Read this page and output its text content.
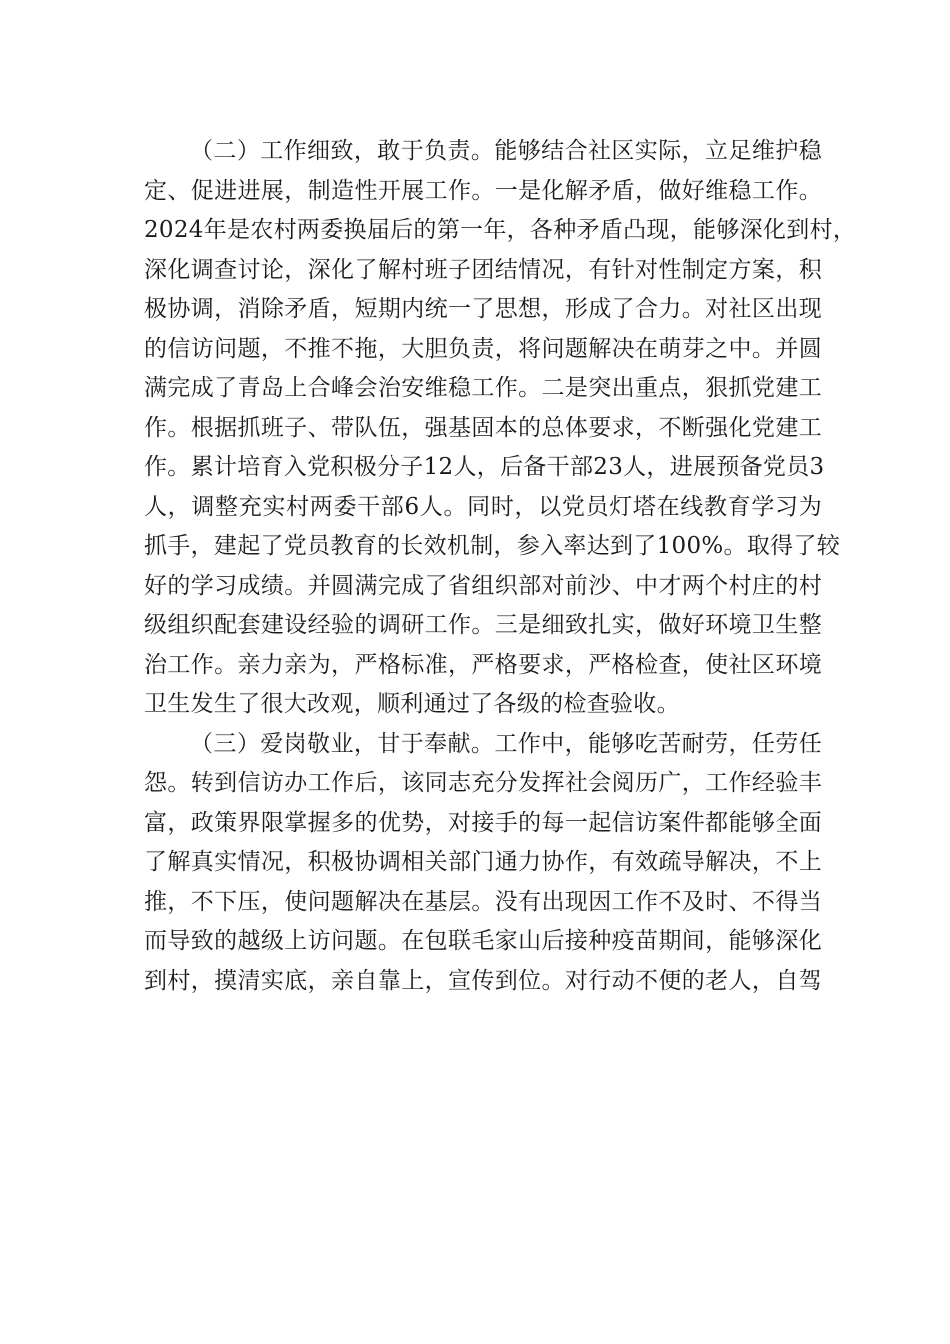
（二）工作细致，敢于负责。能够结合社区实际，立足维护稳
定、促进进展，制造性开展工作。一是化解矛盾，做好维稳工作。
2024年是农村两委换届后的第一年，各种矛盾凸现，能够深化到村，
深化调查讨论，深化了解村班子团结情况，有针对性制定方案，积
极协调，消除矛盾，短期内统一了思想，形成了合力。对社区出现
的信访问题，不推不拖，大胆负责，将问题解决在萌芽之中。并圆
满完成了青岛上合峰会治安维稳工作。二是突出重点，狠抓党建工
作。根据抓班子、带队伍，强基固本的总体要求，不断强化党建工
作。累计培育入党积极分子12人，后备干部23人，进展预备党员3
人，调整充实村两委干部6人。同时，以党员灯塔在线教育学习为
抓手，建起了党员教育的长效机制，参入率达到了100%。取得了较
好的学习成绩。并圆满完成了省组织部对前沙、中才两个村庄的村
级组织配套建设经验的调研工作。三是细致扎实，做好环境卫生整
治工作。亲力亲为，严格标准，严格要求，严格检查，使社区环境
卫生发生了很大改观，顺利通过了各级的检查验收。
（三）爱岗敬业，甘于奉献。工作中，能够吃苦耐劳，任劳任
怨。转到信访办工作后，该同志充分发挥社会阅历广，工作经验丰
富，政策界限掌握多的优势，对接手的每一起信访案件都能够全面
了解真实情况，积极协调相关部门通力协作，有效疏导解决，不上
推，不下压，使问题解决在基层。没有出现因工作不及时、不得当
而导致的越级上访问题。在包联毛家山后接种疫苗期间，能够深化
到村，摸清实底，亲自靠上，宣传到位。对行动不便的老人，自驾
